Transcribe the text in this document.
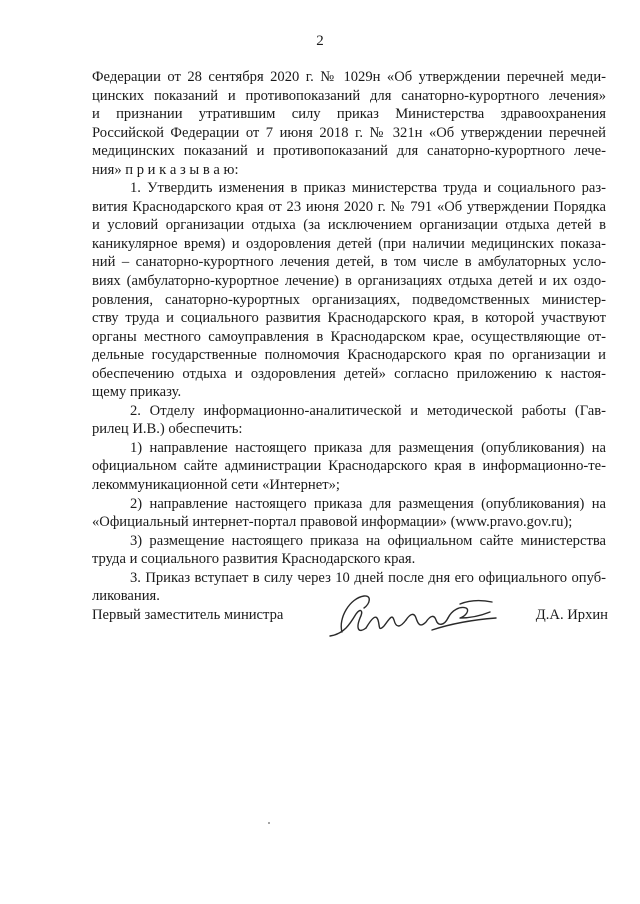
2
Федерации от 28 сентября 2020 г. № 1029н «Об утверждении перечней меди-
цинских показаний и противопоказаний для санаторно-курортного лечения»
и признании утратившим силу приказ Министерства здравоохранения
Российской Федерации от 7 июня 2018 г. № 321н «Об утверждении перечней
медицинских показаний и противопоказаний для санаторно-курортного лече-
ния» п р и к а з ы в а ю:
1. Утвердить изменения в приказ министерства труда и социального раз-
вития Краснодарского края от 23 июня 2020 г. № 791 «Об утверждении Порядка
и условий организации отдыха (за исключением организации отдыха детей в
каникулярное время) и оздоровления детей (при наличии медицинских показа-
ний – санаторно-курортного лечения детей, в том числе в амбулаторных усло-
виях (амбулаторно-курортное лечение) в организациях отдыха детей и их оздо-
ровления, санаторно-курортных организациях, подведомственных министер-
ству труда и социального развития Краснодарского края, в которой участвуют
органы местного самоуправления в Краснодарском крае, осуществляющие от-
дельные государственные полномочия Краснодарского края по организации и
обеспечению отдыха и оздоровления детей» согласно приложению к настоя-
щему приказу.
2. Отделу информационно-аналитической и методической работы (Гав-
рилец И.В.) обеспечить:
1) направление настоящего приказа для размещения (опубликования) на
официальном сайте администрации Краснодарского края в информационно-те-
лекоммуникационной сети «Интернет»;
2) направление настоящего приказа для размещения (опубликования) на
«Официальный интернет-портал правовой информации» (www.pravo.gov.ru);
3) размещение настоящего приказа на официальном сайте министерства
труда и социального развития Краснодарского края.
3. Приказ вступает в силу через 10 дней после дня его официального опуб-
ликования.
Первый заместитель министра	Д.А. Ирхин
